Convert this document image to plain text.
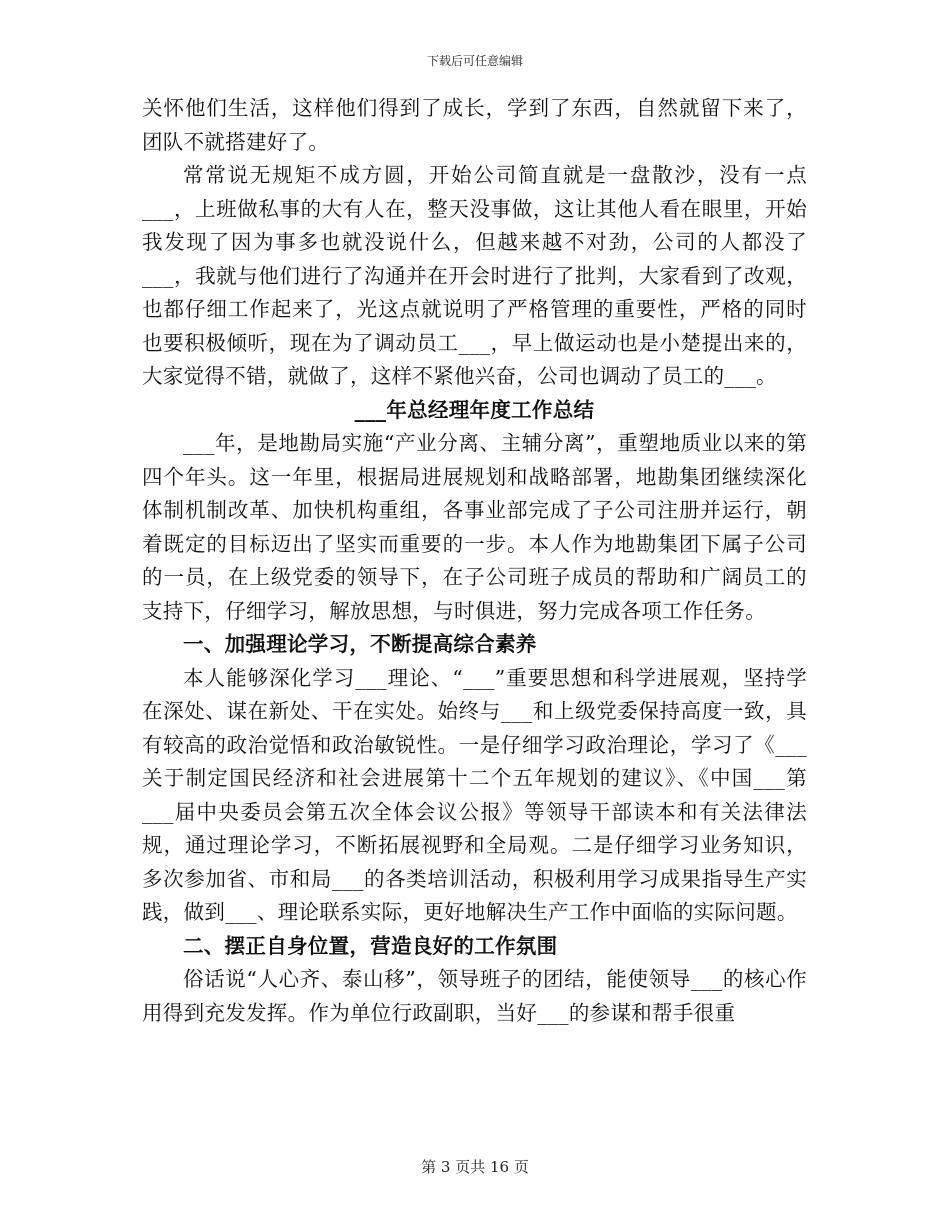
下载后可任意编辑

关怀他们生活，这样他们得到了成长，学到了东西，自然就留下来了，团队不就搭建好了。

常常说无规矩不成方圆，开始公司简直就是一盘散沙，没有一点___，上班做私事的大有人在，整天没事做，这让其他人看在眼里，开始我发现了因为事多也就没说什么，但越来越不对劲，公司的人都没了___，我就与他们进行了沟通并在开会时进行了批判，大家看到了改观，也都仔细工作起来了，光这点就说明了严格管理的重要性，严格的同时也要积极倾听，现在为了调动员工___，早上做运动也是小楚提出来的，大家觉得不错，就做了，这样不紧他兴奋，公司也调动了员工的___。

___年总经理年度工作总结

___年，是地勘局实施“产业分离、主辅分离”，重塑地质业以来的第四个年头。这一年里，根据局进展规划和战略部署，地勘集团继续深化体制机制改革、加快机构重组，各事业部完成了子公司注册并运行，朝着既定的目标迈出了坚实而重要的一步。本人作为地勘集团下属子公司的一员，在上级党委的领导下，在子公司班子成员的帮助和广阔员工的支持下，仔细学习，解放思想，与时俱进，努力完成各项工作任务。

一、加强理论学习，不断提高综合素养

本人能够深化学习___理论、“___”重要思想和科学进展观，坚持学在深处、谋在新处、干在实处。始终与___和上级党委保持高度一致，具有较高的政治觉悟和政治敏锐性。一是仔细学习政治理论，学习了《___关于制定国民经济和社会进展第十二个五年规划的建议》、《中国___第___届中央委员会第五次全体会议公报》等领导干部读本和有关法律法规，通过理论学习，不断拓展视野和全局观。二是仔细学习业务知识，多次参加省、市和局___的各类培训活动，积极利用学习成果指导生产实践，做到___、理论联系实际，更好地解决生产工作中面临的实际问题。

二、摆正自身位置，营造良好的工作氛围

俗话说“人心齐、泰山移”，领导班子的团结，能使领导___的核心作用得到充发发挥。作为单位行政副职，当好___的参谋和帮手很重

第 3 页共 16 页
